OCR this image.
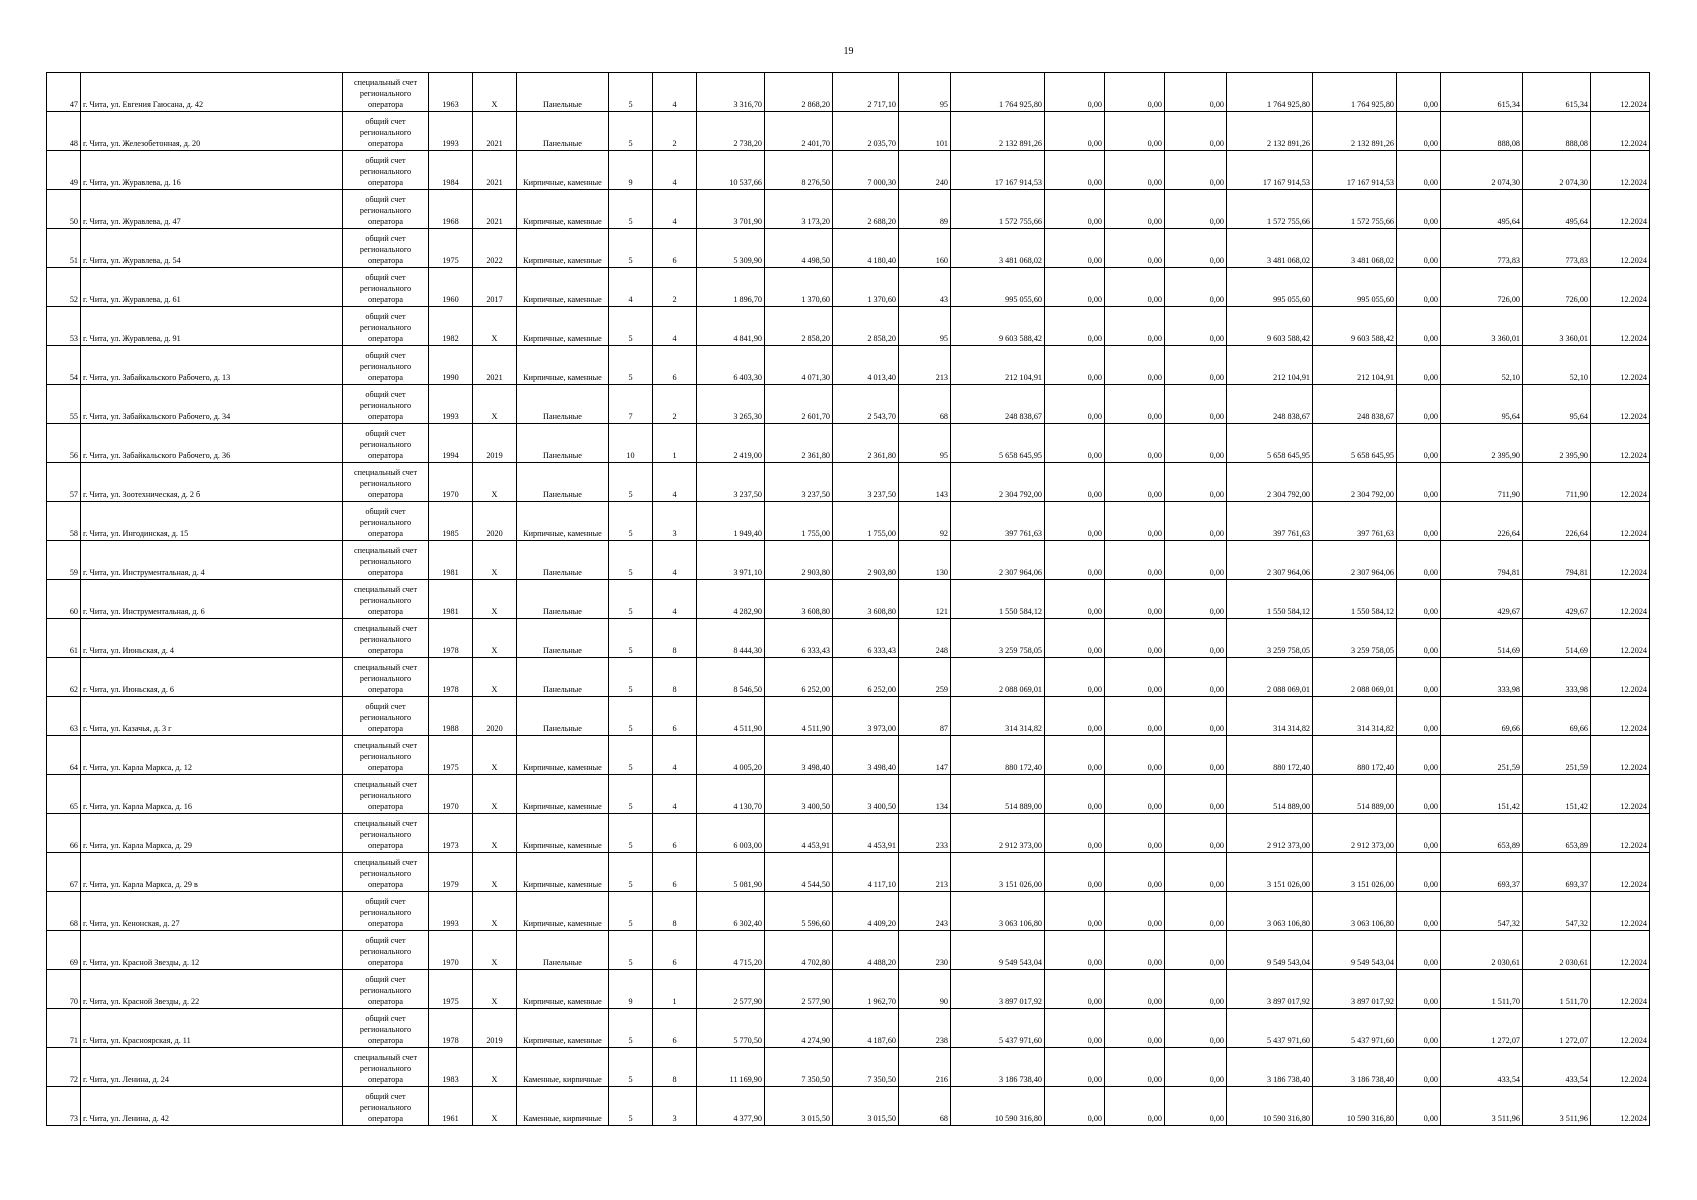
19
47	г. Чита, ул. Евгения Гаюсана, д. 42	специальный счет регионального оператора	1963	X	Панельные	5	4	3 316,70	2 868,20	2 717,10	95	1 764 925,80	0,00	0,00	0,00	1 764 925,80	1 764 925,80	0,00	615,34	615,34	12.2024
48	г. Чита, ул. Железобетонная, д. 20	общий счет регионального оператора	1993	2021	Панельные	5	2	2 738,20	2 401,70	2 035,70	101	2 132 891,26	0,00	0,00	0,00	2 132 891,26	2 132 891,26	0,00	888,08	888,08	12.2024
49	г. Чита, ул. Журавлева, д. 16	общий счет регионального оператора	1984	2021	Кирпичные, каменные	9	4	10 537,66	8 276,50	7 000,30	240	17 167 914,53	0,00	0,00	0,00	17 167 914,53	17 167 914,53	0,00	2 074,30	2 074,30	12.2024
50	г. Чита, ул. Журавлева, д. 47	общий счет регионального оператора	1968	2021	Кирпичные, каменные	5	4	3 701,90	3 173,20	2 688,20	89	1 572 755,66	0,00	0,00	0,00	1 572 755,66	1 572 755,66	0,00	495,64	495,64	12.2024
51	г. Чита, ул. Журавлева, д. 54	общий счет регионального оператора	1975	2022	Кирпичные, каменные	5	6	5 309,90	4 498,50	4 180,40	160	3 481 068,02	0,00	0,00	0,00	3 481 068,02	3 481 068,02	0,00	773,83	773,83	12.2024
52	г. Чита, ул. Журавлева, д. 61	общий счет регионального оператора	1960	2017	Кирпичные, каменные	4	2	1 896,70	1 370,60	1 370,60	43	995 055,60	0,00	0,00	0,00	995 055,60	995 055,60	0,00	726,00	726,00	12.2024
53	г. Чита, ул. Журавлева, д. 91	общий счет регионального оператора	1982	X	Кирпичные, каменные	5	4	4 841,90	2 858,20	2 858,20	95	9 603 588,42	0,00	0,00	0,00	9 603 588,42	9 603 588,42	0,00	3 360,01	3 360,01	12.2024
54	г. Чита, ул. Забайкальского Рабочего, д. 13	общий счет регионального оператора	1990	2021	Кирпичные, каменные	5	6	6 403,30	4 071,30	4 013,40	213	212 104,91	0,00	0,00	0,00	212 104,91	212 104,91	0,00	52,10	52,10	12.2024
55	г. Чита, ул. Забайкальского Рабочего, д. 34	общий счет регионального оператора	1993	X	Панельные	7	2	3 265,30	2 601,70	2 543,70	68	248 838,67	0,00	0,00	0,00	248 838,67	248 838,67	0,00	95,64	95,64	12.2024
56	г. Чита, ул. Забайкальского Рабочего, д. 36	общий счет регионального оператора	1994	2019	Панельные	10	1	2 419,00	2 361,80	2 361,80	95	5 658 645,95	0,00	0,00	0,00	5 658 645,95	5 658 645,95	0,00	2 395,90	2 395,90	12.2024
57	г. Чита, ул. Зоотехническая, д. 2 б	специальный счет регионального оператора	1970	X	Панельные	5	4	3 237,50	3 237,50	3 237,50	143	2 304 792,00	0,00	0,00	0,00	2 304 792,00	2 304 792,00	0,00	711,90	711,90	12.2024
58	г. Чита, ул. Ингодинская, д. 15	общий счет регионального оператора	1985	2020	Кирпичные, каменные	5	3	1 949,40	1 755,00	1 755,00	92	397 761,63	0,00	0,00	0,00	397 761,63	397 761,63	0,00	226,64	226,64	12.2024
59	г. Чита, ул. Инструментальная, д. 4	специальный счет регионального оператора	1981	X	Панельные	5	4	3 971,10	2 903,80	2 903,80	130	2 307 964,06	0,00	0,00	0,00	2 307 964,06	2 307 964,06	0,00	794,81	794,81	12.2024
60	г. Чита, ул. Инструментальная, д. 6	специальный счет регионального оператора	1981	X	Панельные	5	4	4 282,90	3 608,80	3 608,80	121	1 550 584,12	0,00	0,00	0,00	1 550 584,12	1 550 584,12	0,00	429,67	429,67	12.2024
61	г. Чита, ул. Июньская, д. 4	специальный счет регионального оператора	1978	X	Панельные	5	8	8 444,30	6 333,43	6 333,43	248	3 259 758,05	0,00	0,00	0,00	3 259 758,05	3 259 758,05	0,00	514,69	514,69	12.2024
62	г. Чита, ул. Июньская, д. 6	специальный счет регионального оператора	1978	X	Панельные	5	8	8 546,50	6 252,00	6 252,00	259	2 088 069,01	0,00	0,00	0,00	2 088 069,01	2 088 069,01	0,00	333,98	333,98	12.2024
63	г. Чита, ул. Казачья, д. 3 г	общий счет регионального оператора	1988	2020	Панельные	5	6	4 511,90	4 511,90	3 973,00	87	314 314,82	0,00	0,00	0,00	314 314,82	314 314,82	0,00	69,66	69,66	12.2024
64	г. Чита, ул. Карла Маркса, д. 12	специальный счет регионального оператора	1975	X	Кирпичные, каменные	5	4	4 005,20	3 498,40	3 498,40	147	880 172,40	0,00	0,00	0,00	880 172,40	880 172,40	0,00	251,59	251,59	12.2024
65	г. Чита, ул. Карла Маркса, д. 16	специальный счет регионального оператора	1970	X	Кирпичные, каменные	5	4	4 130,70	3 400,50	3 400,50	134	514 889,00	0,00	0,00	0,00	514 889,00	514 889,00	0,00	151,42	151,42	12.2024
66	г. Чита, ул. Карла Маркса, д. 29	специальный счет регионального оператора	1973	X	Кирпичные, каменные	5	6	6 003,00	4 453,91	4 453,91	233	2 912 373,00	0,00	0,00	0,00	2 912 373,00	2 912 373,00	0,00	653,89	653,89	12.2024
67	г. Чита, ул. Карла Маркса, д. 29 в	специальный счет регионального оператора	1979	X	Кирпичные, каменные	5	6	5 081,90	4 544,50	4 117,10	213	3 151 026,00	0,00	0,00	0,00	3 151 026,00	3 151 026,00	0,00	693,37	693,37	12.2024
68	г. Чита, ул. Кенонская, д. 27	общий счет регионального оператора	1993	X	Кирпичные, каменные	5	8	6 302,40	5 596,60	4 409,20	243	3 063 106,80	0,00	0,00	0,00	3 063 106,80	3 063 106,80	0,00	547,32	547,32	12.2024
69	г. Чита, ул. Красной Звезды, д. 12	общий счет регионального оператора	1970	X	Панельные	5	6	4 715,20	4 702,80	4 488,20	230	9 549 543,04	0,00	0,00	0,00	9 549 543,04	9 549 543,04	0,00	2 030,61	2 030,61	12.2024
70	г. Чита, ул. Красной Звезды, д. 22	общий счет регионального оператора	1975	X	Кирпичные, каменные	9	1	2 577,90	2 577,90	1 962,70	90	3 897 017,92	0,00	0,00	0,00	3 897 017,92	3 897 017,92	0,00	1 511,70	1 511,70	12.2024
71	г. Чита, ул. Красноярская, д. 11	общий счет регионального оператора	1978	2019	Кирпичные, каменные	5	6	5 770,50	4 274,90	4 187,60	238	5 437 971,60	0,00	0,00	0,00	5 437 971,60	5 437 971,60	0,00	1 272,07	1 272,07	12.2024
72	г. Чита, ул. Ленина, д. 24	специальный счет регионального оператора	1983	X	Каменные, кирпичные	5	8	11 169,90	7 350,50	7 350,50	216	3 186 738,40	0,00	0,00	0,00	3 186 738,40	3 186 738,40	0,00	433,54	433,54	12.2024
73	г. Чита, ул. Ленина, д. 42	общий счет регионального оператора	1961	X	Каменные, кирпичные	5	3	4 377,90	3 015,50	3 015,50	68	10 590 316,80	0,00	0,00	0,00	10 590 316,80	10 590 316,80	0,00	3 511,96	3 511,96	12.2024
